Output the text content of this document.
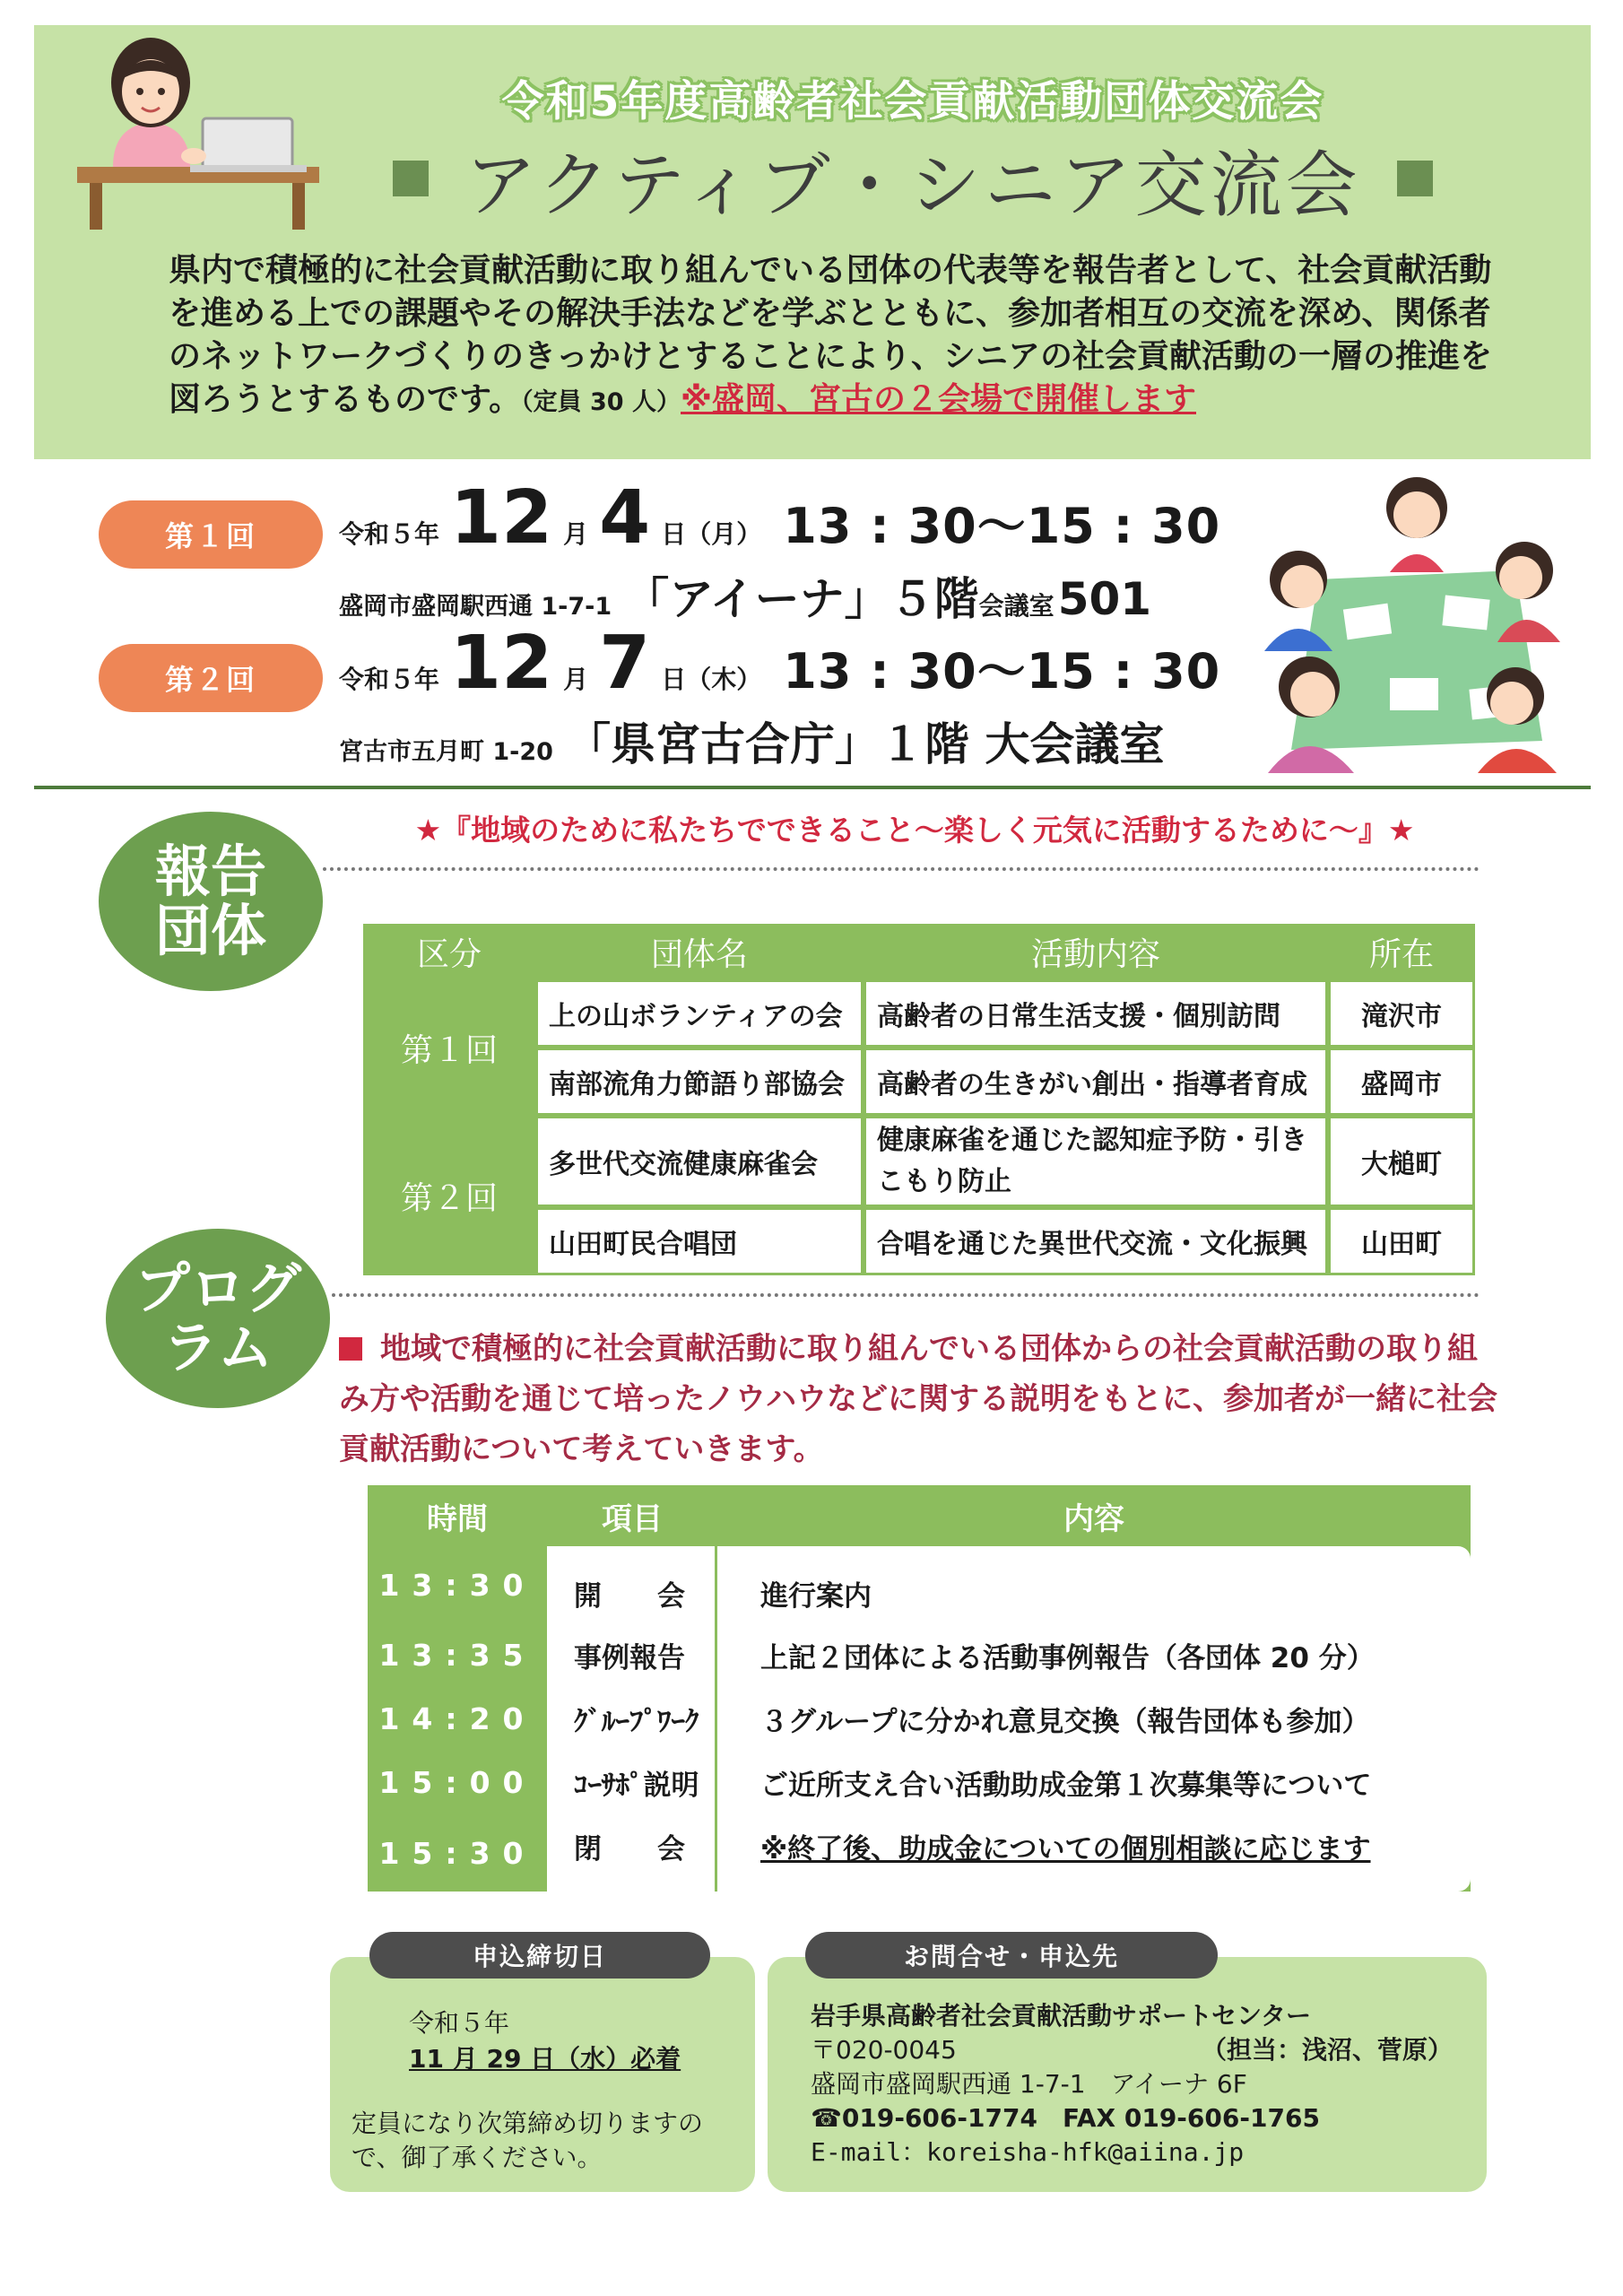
令和5年度高齢者社会貢献活動団体交流会
アクティブ・シニア交流会
県内で積極的に社会貢献活動に取り組んでいる団体の代表等を報告者として、社会貢献活動を進める上での課題やその解決手法などを学ぶとともに、参加者相互の交流を深め、関係者のネットワークづくりのきっかけとすることにより、シニアの社会貢献活動の一層の推進を図ろうとするものです。（定員 30 人）※盛岡、宮古の２会場で開催します
第１回	令和５年 12 月 4 日 （月） 13 : 30〜15 : 30
盛岡市盛岡駅西通 1-7-1 「アイーナ」５階 会議室 501
第２回	令和５年 12 月 7 日 （木） 13 : 30〜15 : 30
宮古市五月町 1-20 「県宮古合庁」１階 大会議室
報告
団体
★『地域のために私たちでできること〜楽しく元気に活動するために〜』★
区分	団体名	活動内容	所在
第１回	上の山ボランティアの会	高齢者の日常生活支援・個別訪問	滝沢市
	南部流角力節語り部協会	高齢者の生きがい創出・指導者育成	盛岡市
第２回	多世代交流健康麻雀会	健康麻雀を通じた認知症予防・引きこもり防止	大槌町
	山田町民合唱団	合唱を通じた異世代交流・文化振興	山田町
プログ
ラム	地域で積極的に社会貢献活動に取り組んでいる団体からの社会貢献活動の取り組み方や活動を通じて培ったノウハウなどに関する説明をもとに、参加者が一緒に社会貢献活動について考えていきます。
時間	項目	内容
13:30	開　　会	進行案内
13:35	事例報告	上記２団体による活動事例報告（各団体 20 分）
14:20	ｸﾞﾙｰﾌﾟﾜｰｸ	３グループに分かれ意見交換（報告団体も参加）
15:00	ｺｰｻﾎﾟ説明	ご近所支え合い活動助成金第１次募集等について
15:30	閉　　会	※終了後、助成金についての個別相談に応じます
申込締切日
令和５年
11 月 29 日（水）必着
定員になり次第締め切りますの
で、御了承ください。
お問合せ・申込先
岩手県高齢者社会貢献活動サポートセンター
〒020-0045	（担当：浅沼、菅原）
盛岡市盛岡駅西通 1-7-1　アイーナ 6F
☎019-606-1774　FAX 019-606-1765
E-mail：koreisha-hfk@aiina.jp
